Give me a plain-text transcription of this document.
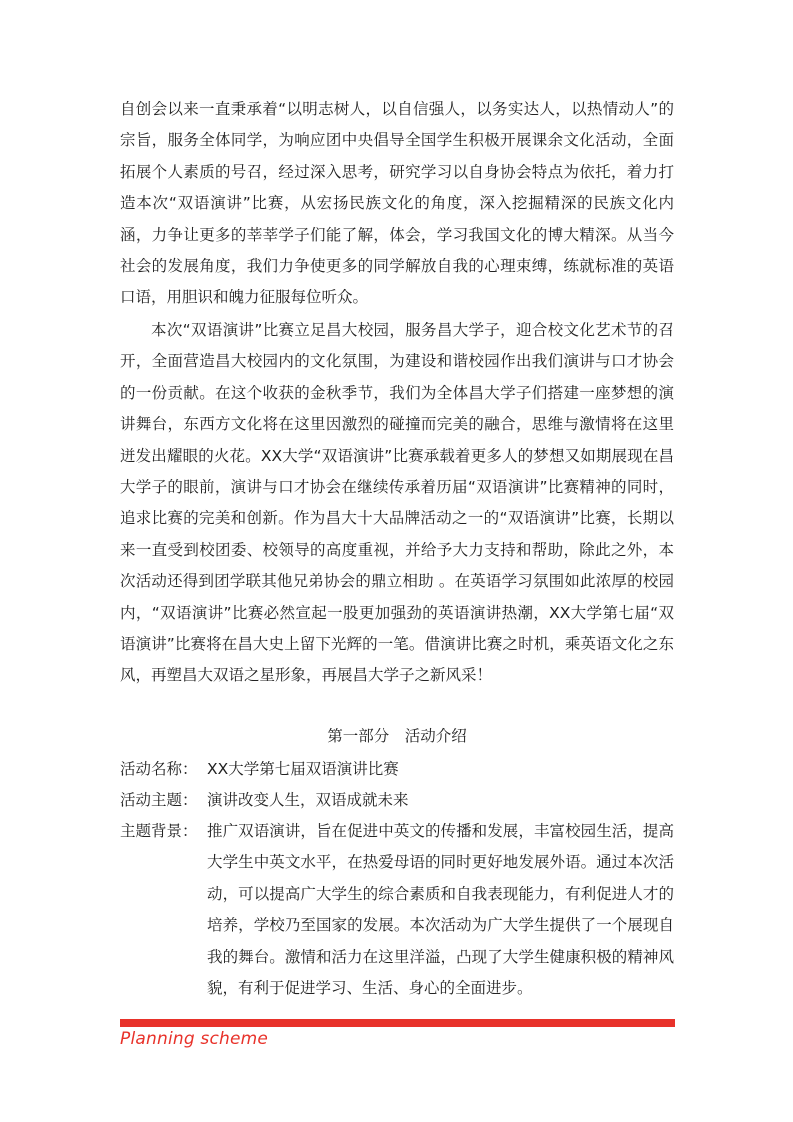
自创会以来一直秉承着“以明志树人，以自信强人，以务实达人，以热情动人”的宗旨，服务全体同学，为响应团中央倡导全国学生积极开展课余文化活动，全面拓展个人素质的号召，经过深入思考，研究学习以自身协会特点为依托，着力打造本次“双语演讲”比赛，从宏扬民族文化的角度，深入挖掘精深的民族文化内涵，力争让更多的莘莘学子们能了解，体会，学习我国文化的博大精深。从当今社会的发展角度，我们力争使更多的同学解放自我的心理束缚，练就标准的英语口语，用胆识和魄力征服每位听众。

本次“双语演讲”比赛立足昌大校园，服务昌大学子，迎合校文化艺术节的召开，全面营造昌大校园内的文化氛围，为建设和谐校园作出我们演讲与口才协会的一份贡献。在这个收获的金秋季节，我们为全体昌大学子们搭建一座梦想的演讲舞台，东西方文化将在这里因激烈的碰撞而完美的融合，思维与激情将在这里迸发出耀眼的火花。XX大学“双语演讲”比赛承载着更多人的梦想又如期展现在昌大学子的眼前，演讲与口才协会在继续传承着历届“双语演讲”比赛精神的同时，追求比赛的完美和创新。作为昌大十大品牌活动之一的“双语演讲”比赛，长期以来一直受到校团委、校领导的高度重视，并给予大力支持和帮助，除此之外，本次活动还得到团学联其他兄弟协会的鼎立相助 。在英语学习氛围如此浓厚的校园内，“双语演讲”比赛必然宣起一股更加强劲的英语演讲热潮，XX大学第七届“双语演讲”比赛将在昌大史上留下光辉的一笔。借演讲比赛之时机，乘英语文化之东风，再塑昌大双语之星形象，再展昌大学子之新风采！

第一部分　活动介绍

活动名称： XX大学第七届双语演讲比赛
活动主题： 演讲改变人生，双语成就未来
主题背景： 推广双语演讲，旨在促进中英文的传播和发展，丰富校园生活，提高大学生中英文水平，在热爱母语的同时更好地发展外语。通过本次活动，可以提高广大学生的综合素质和自我表现能力，有利促进人才的培养，学校乃至国家的发展。本次活动为广大学生提供了一个展现自我的舞台。激情和活力在这里洋溢，凸现了大学生健康积极的精神风貌，有利于促进学习、生活、身心的全面进步。
Planning scheme
